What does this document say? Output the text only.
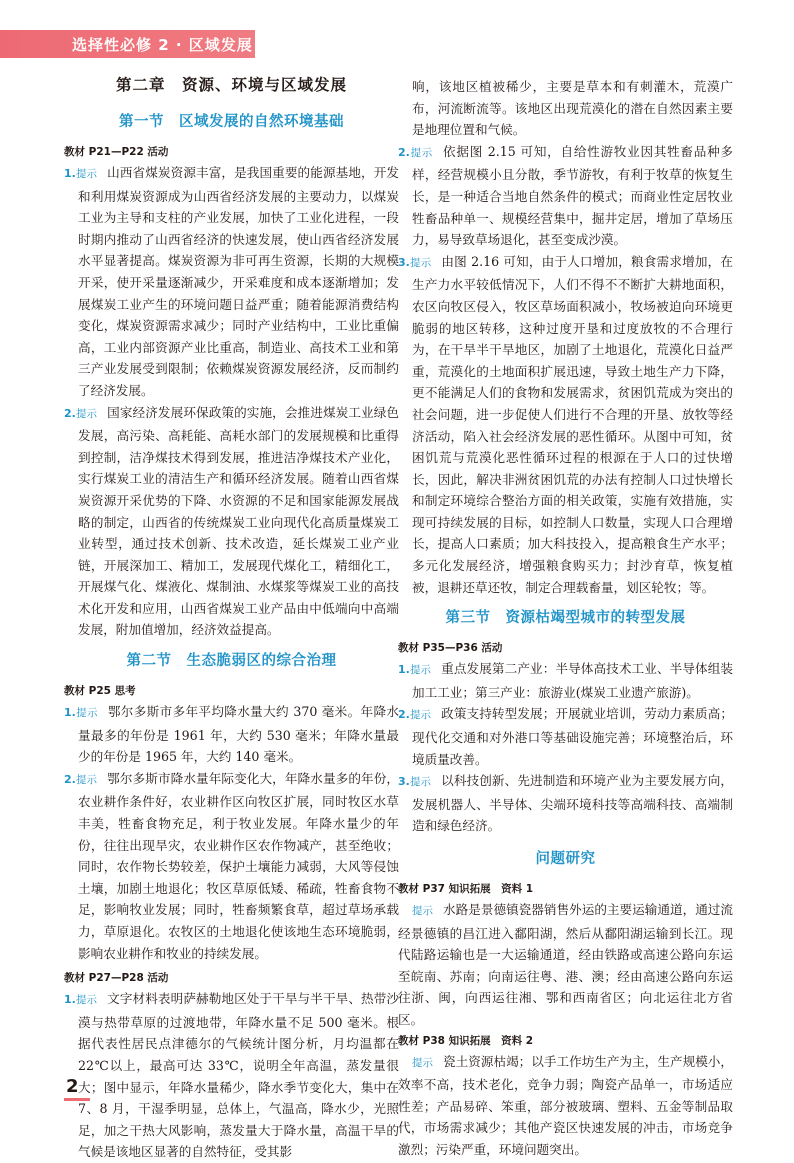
选择性必修 2 · 区域发展
第二章　资源、环境与区域发展
第一节　区域发展的自然环境基础
教材 P21—P22 活动

1.提示 山西省煤炭资源丰富，是我国重要的能源基地，开发和利用煤炭资源成为山西省经济发展的主要动力，以煤炭工业为主导和支柱的产业发展，加快了工业化进程，一段时期内推动了山西省经济的快速发展，使山西省经济发展水平显著提高。煤炭资源为非可再生资源，长期的大规模开采，使开采量逐渐减少，开采难度和成本逐渐增加；发展煤炭工业产生的环境问题日益严重；随着能源消费结构变化，煤炭资源需求减少；同时产业结构中，工业比重偏高，工业内部资源产业比重高，制造业、高技术工业和第三产业发展受到限制；依赖煤炭资源发展经济，反而制约了经济发展。

2.提示 国家经济发展环保政策的实施，会推进煤炭工业绿色发展，高污染、高耗能、高耗水部门的发展规模和比重得到控制，洁净煤技术得到发展，推进洁净煤技术产业化，实行煤炭工业的清洁生产和循环经济发展。随着山西省煤炭资源开采优势的下降、水资源的不足和国家能源发展战略的制定，山西省的传统煤炭工业向现代化高质量煤炭工业转型，通过技术创新、技术改造，延长煤炭工业产业链，开展深加工、精加工，发展现代煤化工，精细化工，开展煤气化、煤液化、煤制油、水煤浆等煤炭工业的高技术化开发和应用，山西省煤炭工业产品由中低端向中高端发展，附加值增加，经济效益提高。

第二节　生态脆弱区的综合治理
教材 P25 思考

1.提示 鄂尔多斯市多年平均降水量大约 370 毫米。年降水量最多的年份是 1961 年，大约 530 毫米；年降水量最少的年份是 1965 年，大约 140 毫米。

2.提示 鄂尔多斯市降水量年际变化大，年降水量多的年份，农业耕作条件好，农业耕作区向牧区扩展，同时牧区水草丰美，牲畜食物充足，利于牧业发展。年降水量少的年份，往往出现旱灾，农业耕作区农作物减产，甚至绝收；同时，农作物长势较差，保护土壤能力减弱，大风等侵蚀土壤，加剧土地退化；牧区草原低矮、稀疏，牲畜食物不足，影响牧业发展；同时，牲畜频繁食草，超过草场承载力，草原退化。农牧区的土地退化使该地生态环境脆弱，影响农业耕作和牧业的持续发展。

教材 P27—P28 活动

1.提示 文字材料表明萨赫勒地区处于干旱与半干旱、热带沙漠与热带草原的过渡地带，年降水量不足 500 毫米。根据代表性居民点津德尔的气候统计图分析，月均温都在 22℃以上，最高可达 33℃，说明全年高温，蒸发量很大；图中显示，年降水量稀少，降水季节变化大，集中在 7、8 月，干湿季明显，总体上，气温高，降水少，光照足，加之干热大风影响，蒸发量大于降水量，高温干旱的气候是该地区显著的自然特征，受其影

响，该地区植被稀少，主要是草本和有刺灌木，荒漠广布，河流断流等。该地区出现荒漠化的潜在自然因素主要是地理位置和气候。

2.提示 依据图 2.15 可知，自给性游牧业因其牲畜品种多样，经营规模小且分散，季节游牧，有利于牧草的恢复生长，是一种适合当地自然条件的模式；而商业性定居牧业牲畜品种单一、规模经营集中，掘井定居，增加了草场压力，易导致草场退化，甚至变成沙漠。

3.提示 由图 2.16 可知，由于人口增加，粮食需求增加，在生产力水平较低情况下，人们不得不不断扩大耕地面积，农区向牧区侵入，牧区草场面积减小，牧场被迫向环境更脆弱的地区转移，这种过度开垦和过度放牧的不合理行为，在干旱半干旱地区，加剧了土地退化，荒漠化日益严重，荒漠化的土地面积扩展迅速，导致土地生产力下降，更不能满足人们的食物和发展需求，贫困饥荒成为突出的社会问题，进一步促使人们进行不合理的开垦、放牧等经济活动，陷入社会经济发展的恶性循环。从图中可知，贫困饥荒与荒漠化恶性循环过程的根源在于人口的过快增长，因此，解决非洲贫困饥荒的办法有控制人口过快增长和制定环境综合整治方面的相关政策，实施有效措施，实现可持续发展的目标，如控制人口数量，实现人口合理增长，提高人口素质；加大科技投入，提高粮食生产水平；多元化发展经济，增强粮食购买力；封沙育草，恢复植被，退耕还草还牧，制定合理载畜量，划区轮牧；等。

第三节　资源枯竭型城市的转型发展
教材 P35—P36 活动

1.提示 重点发展第二产业：半导体高技术工业、半导体组装加工工业；第三产业：旅游业(煤炭工业遗产旅游)。

2.提示 政策支持转型发展；开展就业培训，劳动力素质高；现代化交通和对外港口等基础设施完善；环境整治后，环境质量改善。

3.提示 以科技创新、先进制造和环境产业为主要发展方向，发展机器人、半导体、尖端环境科技等高端科技、高端制造和绿色经济。

问题研究
教材 P37 知识拓展　资料 1

提示 水路是景德镇瓷器销售外运的主要运输通道，通过流经景德镇的昌江进入鄱阳湖，然后从鄱阳湖运输到长江。现代陆路运输也是一大运输通道，经由铁路或高速公路向东运至皖南、苏南；向南运往粤、港、澳；经由高速公路向东运往浙、闽，向西运往湘、鄂和西南省区；向北运往北方省区。

教材 P38 知识拓展　资料 2

提示 瓷土资源枯竭；以手工作坊生产为主，生产规模小，效率不高，技术老化，竞争力弱；陶瓷产品单一，市场适应性差；产品易碎、笨重，部分被玻璃、塑料、五金等制品取代，市场需求减少；其他产瓷区快速发展的冲击，市场竞争激烈；污染严重，环境问题突出。

2
